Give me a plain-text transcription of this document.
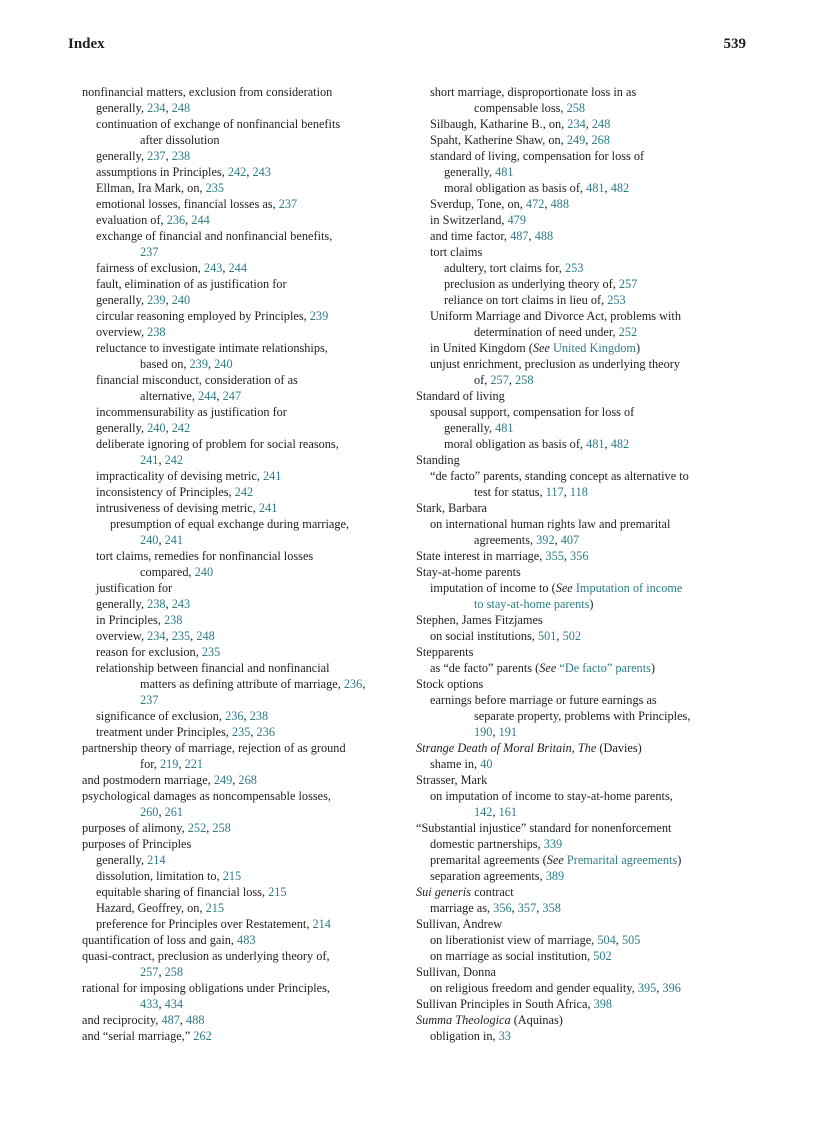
Index	539
nonfinancial matters, exclusion from consideration
generally, 234, 248
continuation of exchange of nonfinancial benefits
after dissolution
generally, 237, 238
assumptions in Principles, 242, 243
Ellman, Ira Mark, on, 235
emotional losses, financial losses as, 237
evaluation of, 236, 244
exchange of financial and nonfinancial benefits,
237
fairness of exclusion, 243, 244
fault, elimination of as justification for
generally, 239, 240
circular reasoning employed by Principles, 239
overview, 238
reluctance to investigate intimate relationships,
based on, 239, 240
financial misconduct, consideration of as
alternative, 244, 247
incommensurability as justification for
generally, 240, 242
deliberate ignoring of problem for social reasons,
241, 242
impracticality of devising metric, 241
inconsistency of Principles, 242
intrusiveness of devising metric, 241
presumption of equal exchange during marriage,
240, 241
tort claims, remedies for nonfinancial losses
compared, 240
justification for
generally, 238, 243
in Principles, 238
overview, 234, 235, 248
reason for exclusion, 235
relationship between financial and nonfinancial
matters as defining attribute of marriage, 236,
237
significance of exclusion, 236, 238
treatment under Principles, 235, 236
partnership theory of marriage, rejection of as ground
for, 219, 221
and postmodern marriage, 249, 268
psychological damages as noncompensable losses,
260, 261
purposes of alimony, 252, 258
purposes of Principles
generally, 214
dissolution, limitation to, 215
equitable sharing of financial loss, 215
Hazard, Geoffrey, on, 215
preference for Principles over Restatement, 214
quantification of loss and gain, 483
quasi-contract, preclusion as underlying theory of,
257, 258
rational for imposing obligations under Principles,
433, 434
and reciprocity, 487, 488
and “serial marriage,” 262
short marriage, disproportionate loss in as
compensable loss, 258
Silbaugh, Katharine B., on, 234, 248
Spaht, Katherine Shaw, on, 249, 268
standard of living, compensation for loss of
generally, 481
moral obligation as basis of, 481, 482
Sverdup, Tone, on, 472, 488
in Switzerland, 479
and time factor, 487, 488
tort claims
adultery, tort claims for, 253
preclusion as underlying theory of, 257
reliance on tort claims in lieu of, 253
Uniform Marriage and Divorce Act, problems with
determination of need under, 252
in United Kingdom (See United Kingdom)
unjust enrichment, preclusion as underlying theory
of, 257, 258
Standard of living
spousal support, compensation for loss of
generally, 481
moral obligation as basis of, 481, 482
Standing
“de facto” parents, standing concept as alternative to
test for status, 117, 118
Stark, Barbara
on international human rights law and premarital
agreements, 392, 407
State interest in marriage, 355, 356
Stay-at-home parents
imputation of income to (See Imputation of income
to stay-at-home parents)
Stephen, James Fitzjames
on social institutions, 501, 502
Stepparents
as “de facto” parents (See “De facto” parents)
Stock options
earnings before marriage or future earnings as
separate property, problems with Principles,
190, 191
Strange Death of Moral Britain, The (Davies)
shame in, 40
Strasser, Mark
on imputation of income to stay-at-home parents,
142, 161
“Substantial injustice” standard for nonenforcement
domestic partnerships, 339
premarital agreements (See Premarital agreements)
separation agreements, 389
Sui generis contract
marriage as, 356, 357, 358
Sullivan, Andrew
on liberationist view of marriage, 504, 505
on marriage as social institution, 502
Sullivan, Donna
on religious freedom and gender equality, 395, 396
Sullivan Principles in South Africa, 398
Summa Theologica (Aquinas)
obligation in, 33
